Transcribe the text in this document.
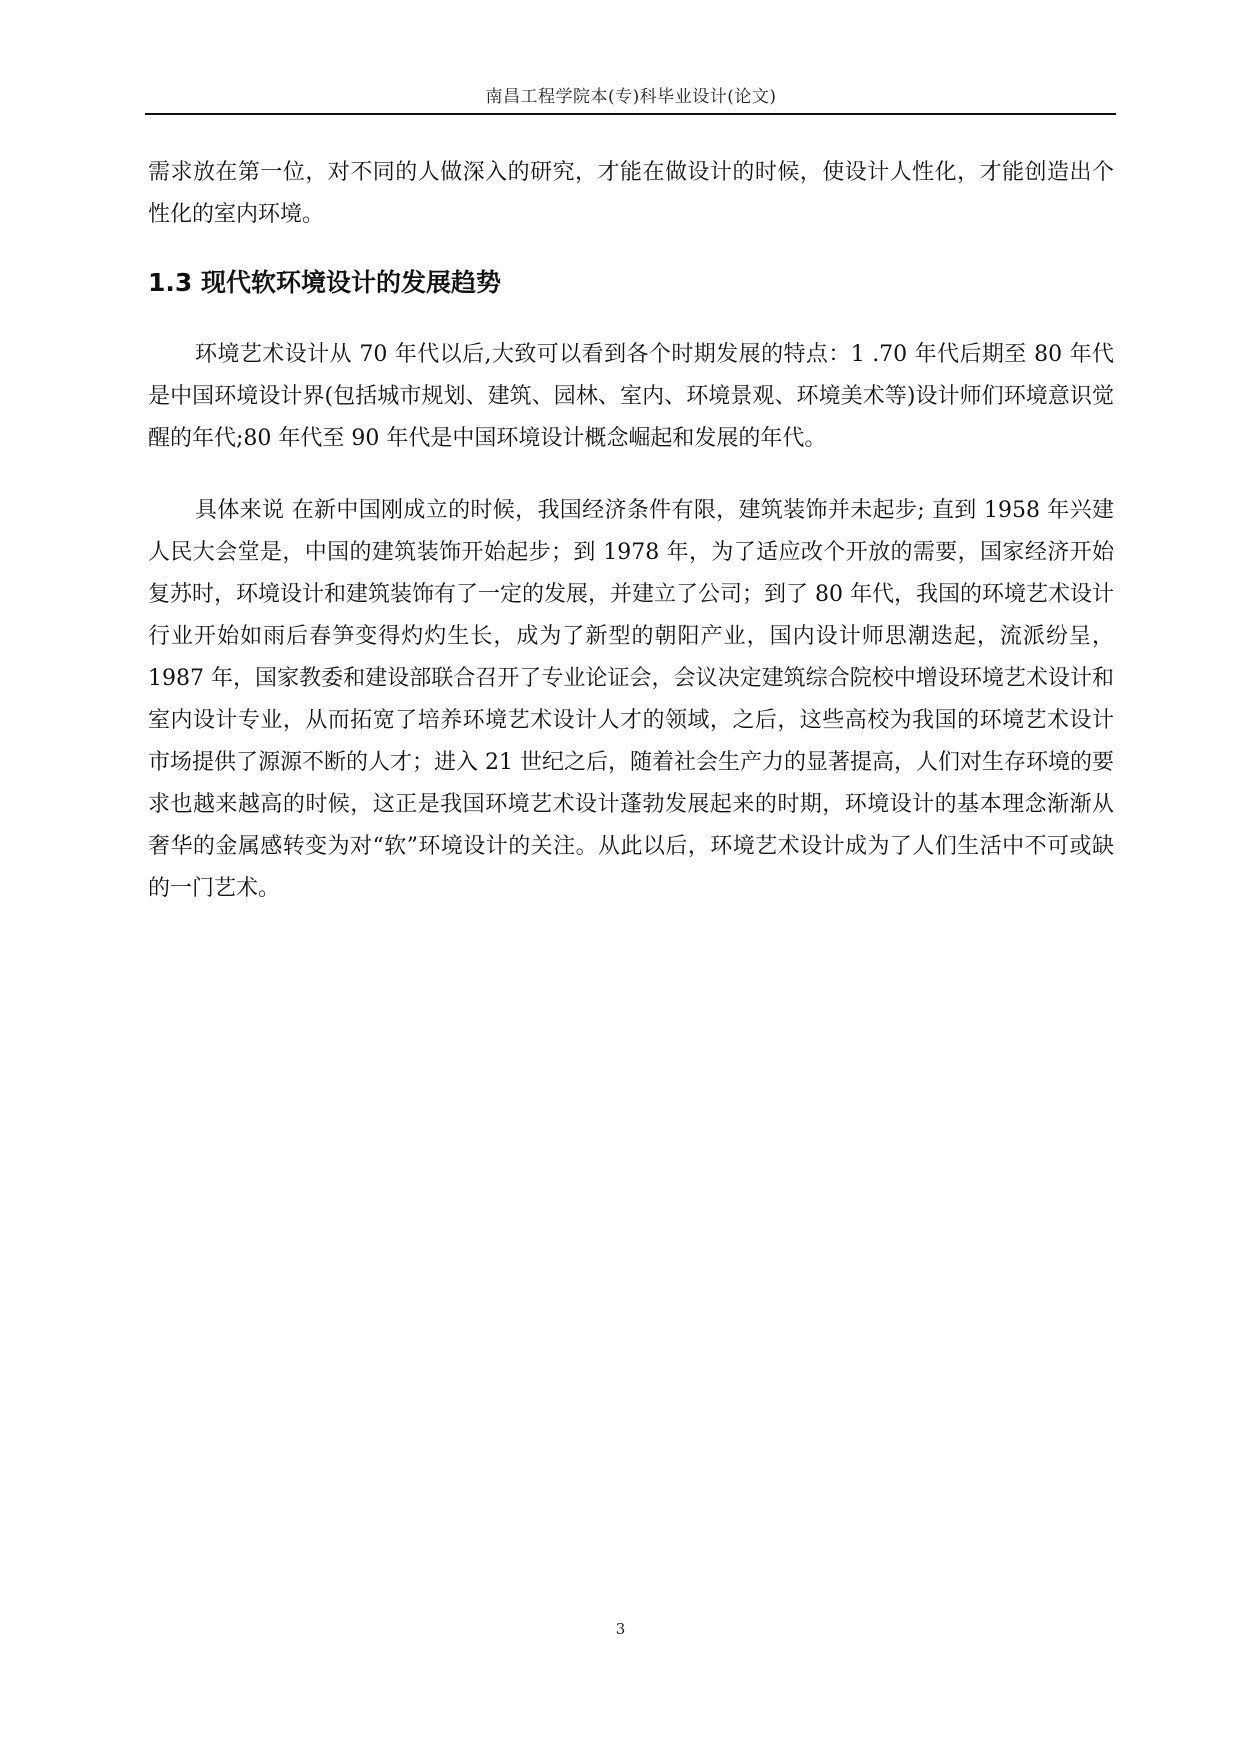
南昌工程学院本(专)科毕业设计(论文)

需求放在第一位，对不同的人做深入的研究，才能在做设计的时候，使设计人性化，才能创造出个性化的室内环境。

1.3 现代软环境设计的发展趋势

环境艺术设计从 70 年代以后,大致可以看到各个时期发展的特点：1 .70 年代后期至 80 年代是中国环境设计界(包括城市规划、建筑、园林、室内、环境景观、环境美术等)设计师们环境意识觉醒的年代;80 年代至 90 年代是中国环境设计概念崛起和发展的年代。

具体来说 在新中国刚成立的时候，我国经济条件有限，建筑装饰并未起步; 直到 1958 年兴建人民大会堂是，中国的建筑装饰开始起步；到 1978 年，为了适应改个开放的需要，国家经济开始复苏时，环境设计和建筑装饰有了一定的发展，并建立了公司；到了 80 年代，我国的环境艺术设计行业开始如雨后春笋变得灼灼生长，成为了新型的朝阳产业，国内设计师思潮迭起，流派纷呈，1987 年，国家教委和建设部联合召开了专业论证会，会议决定建筑综合院校中增设环境艺术设计和室内设计专业，从而拓宽了培养环境艺术设计人才的领域，之后，这些高校为我国的环境艺术设计市场提供了源源不断的人才；进入 21 世纪之后，随着社会生产力的显著提高，人们对生存环境的要求也越来越高的时候，这正是我国环境艺术设计蓬勃发展起来的时期，环境设计的基本理念渐渐从奢华的金属感转变为对“软”环境设计的关注。从此以后，环境艺术设计成为了人们生活中不可或缺的一门艺术。

3
